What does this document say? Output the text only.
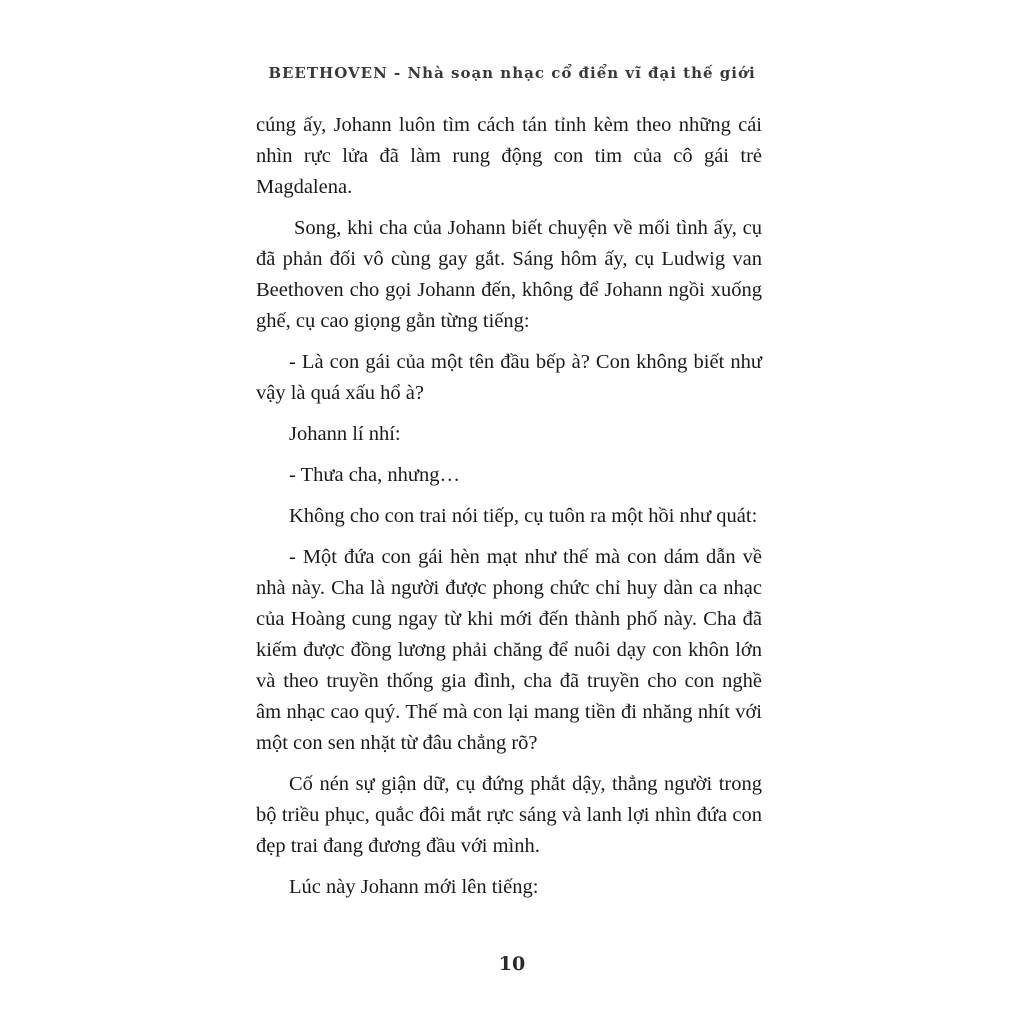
BEETHOVEN - Nhà soạn nhạc cổ điển vĩ đại thế giới

cúng ấy, Johann luôn tìm cách tán tỉnh kèm theo những cái nhìn rực lửa đã làm rung động con tim của cô gái trẻ Magdalena.

Song, khi cha của Johann biết chuyện về mối tình ấy, cụ đã phản đối vô cùng gay gắt. Sáng hôm ấy, cụ Ludwig van Beethoven cho gọi Johann đến, không để Johann ngồi xuống ghế, cụ cao giọng gằn từng tiếng:

- Là con gái của một tên đầu bếp à? Con không biết như vậy là quá xấu hổ à?

Johann lí nhí:

- Thưa cha, nhưng…

Không cho con trai nói tiếp, cụ tuôn ra một hồi như quát:

- Một đứa con gái hèn mạt như thế mà con dám dẫn về nhà này. Cha là người được phong chức chỉ huy dàn ca nhạc của Hoàng cung ngay từ khi mới đến thành phố này. Cha đã kiếm được đồng lương phải chăng để nuôi dạy con khôn lớn và theo truyền thống gia đình, cha đã truyền cho con nghề âm nhạc cao quý. Thế mà con lại mang tiền đi nhăng nhít với một con sen nhặt từ đâu chẳng rõ?

Cố nén sự giận dữ, cụ đứng phắt dậy, thẳng người trong bộ triều phục, quắc đôi mắt rực sáng và lanh lợi nhìn đứa con đẹp trai đang đương đầu với mình.

Lúc này Johann mới lên tiếng:

10
